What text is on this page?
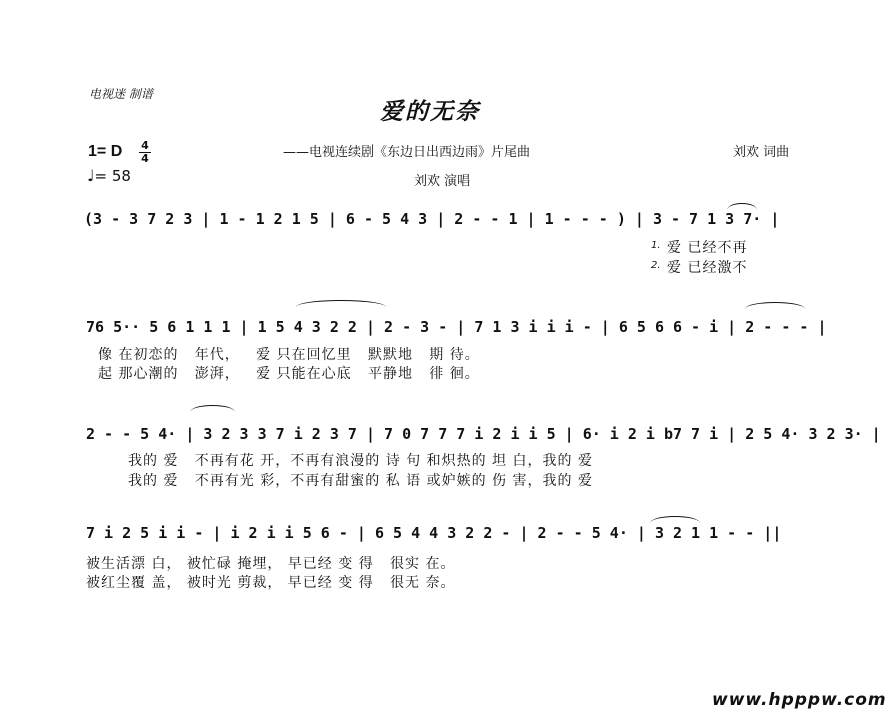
电视迷 制谱
爱的无奈
——电视连续剧《东边日出西边雨》片尾曲	刘欢 词曲
刘欢 演唱
1= D 4
4
♩= 58
(3 - 3 7 2 3 | 1 - 1 2 1 5 | 6 - 5 4 3 | 2 - - 1 | 1 - - - ) | 3 - 7 1 3 7· |
1.
2.
爱 已经不再
爱 已经激不
76 5·· 5 6 1 1 1 | 1 5 4 3 2 2 | 2 - 3 - | 7 1 3 i i i - | 6 5 6 6 - i | 2 - - - |
像 在初恋的   年代，   爱 只在回忆里   默默地   期 待。
起 那心潮的   澎湃，   爱 只能在心底   平静地   徘 徊。
2 - - 5 4· | 3 2 3 3 7 i 2 3 7 | 7 0 7 7 7 i 2 i i 5 | 6· i 2 i b7 7 i | 2 5 4· 3 2 3· |
我的 爱   不再有花 开，不再有浪漫的 诗 句 和炽热的 坦 白，我的 爱
我的 爱   不再有光 彩，不再有甜蜜的 私 语 或妒嫉的 伤 害，我的 爱
7 i 2 5 i i - | i 2 i i 5 6 - | 6 5 4 4 3 2 2 - | 2 - - 5 4· | 3 2 1 1 - - ||
被生活漂 白， 被忙碌 掩埋， 早已经 变 得   很实 在。
被红尘覆 盖， 被时光 剪裁， 早已经 变 得   很无 奈。
www.hpppw.com
